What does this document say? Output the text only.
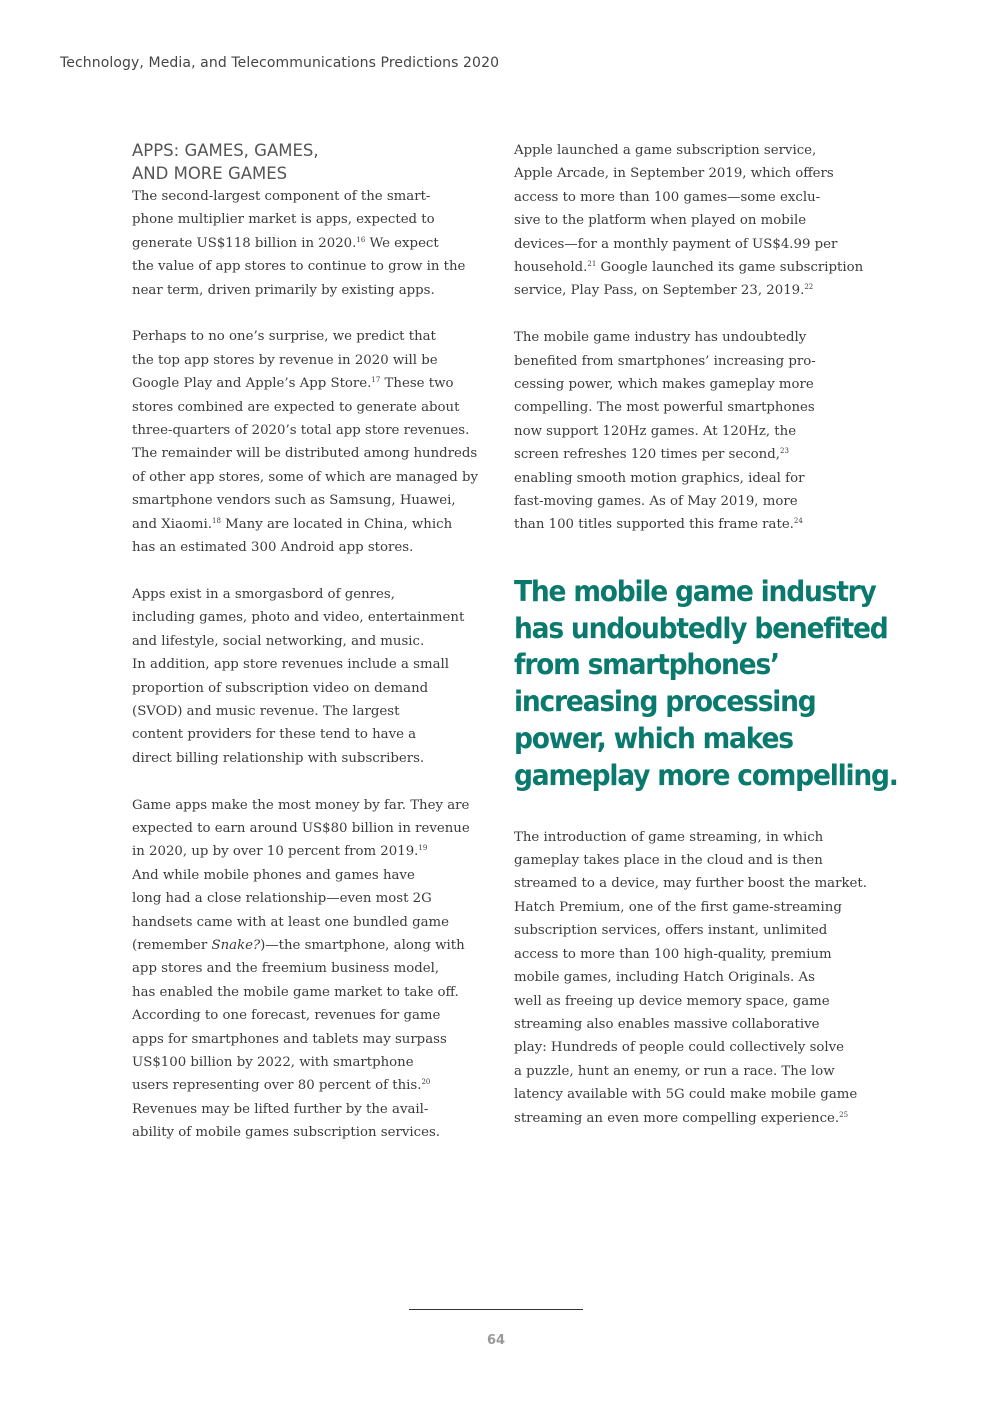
Technology, Media, and Telecommunications Predictions 2020
APPS: GAMES, GAMES,
AND MORE GAMES

The second-largest component of the smart-
phone multiplier market is apps, expected to
generate US$118 billion in 2020.16 We expect
the value of app stores to continue to grow in the
near term, driven primarily by existing apps.

Perhaps to no one’s surprise, we predict that
the top app stores by revenue in 2020 will be
Google Play and Apple’s App Store.$^{17}$ These two
stores combined are expected to generate about
three-quarters of 2020’s total app store revenues.
The remainder will be distributed among hundreds
of other app stores, some of which are managed by
smartphone vendors such as Samsung, Huawei,
and Xiaomi.$^{18}$ Many are located in China, which
has an estimated 300 Android app stores.

Apps exist in a smorgasbord of genres,
including games, photo and video, entertainment
and lifestyle, social networking, and music.
In addition, app store revenues include a small
proportion of subscription video on demand
(SVOD) and music revenue. The largest
content providers for these tend to have a
direct billing relationship with subscribers.

Game apps make the most money by far. They are
expected to earn around US$80 billion in revenue
in 2020, up by over 10 percent from 2019.19
And while mobile phones and games have
long had a close relationship—even most 2G
handsets came with at least one bundled game
(remember Snake?)—the smartphone, along with
app stores and the freemium business model,
has enabled the mobile game market to take off.
According to one forecast, revenues for game
apps for smartphones and tablets may surpass
US$100 billion by 2022, with smartphone
users representing over 80 percent of this.$^{20}$
Revenues may be lifted further by the avail-
ability of mobile games subscription services.

Apple launched a game subscription service,
Apple Arcade, in September 2019, which offers
access to more than 100 games—some exclu-
sive to the platform when played on mobile
devices—for a monthly payment of US$4.99 per
household.$^{21}$ Google launched its game subscription
service, Play Pass, on September 23, 2019.22

The mobile game industry has undoubtedly
benefited from smartphones’ increasing pro-
cessing power, which makes gameplay more
compelling. The most powerful smartphones
now support 120Hz games. At 120Hz, the
screen refreshes 120 times per second,$^{23}$
enabling smooth motion graphics, ideal for
fast-moving games. As of May 2019, more
than 100 titles supported this frame rate.$^{24}$

The mobile game industry
has undoubtedly benefited
from smartphones’
increasing processing
power, which makes
gameplay more compelling.

The introduction of game streaming, in which
gameplay takes place in the cloud and is then
streamed to a device, may further boost the market.
Hatch Premium, one of the first game-streaming
subscription services, offers instant, unlimited
access to more than 100 high-quality, premium
mobile games, including Hatch Originals. As
well as freeing up device memory space, game
streaming also enables massive collaborative
play: Hundreds of people could collectively solve
a puzzle, hunt an enemy, or run a race. The low
latency available with 5G could make mobile game
streaming an even more compelling experience.$^{25}$

64
